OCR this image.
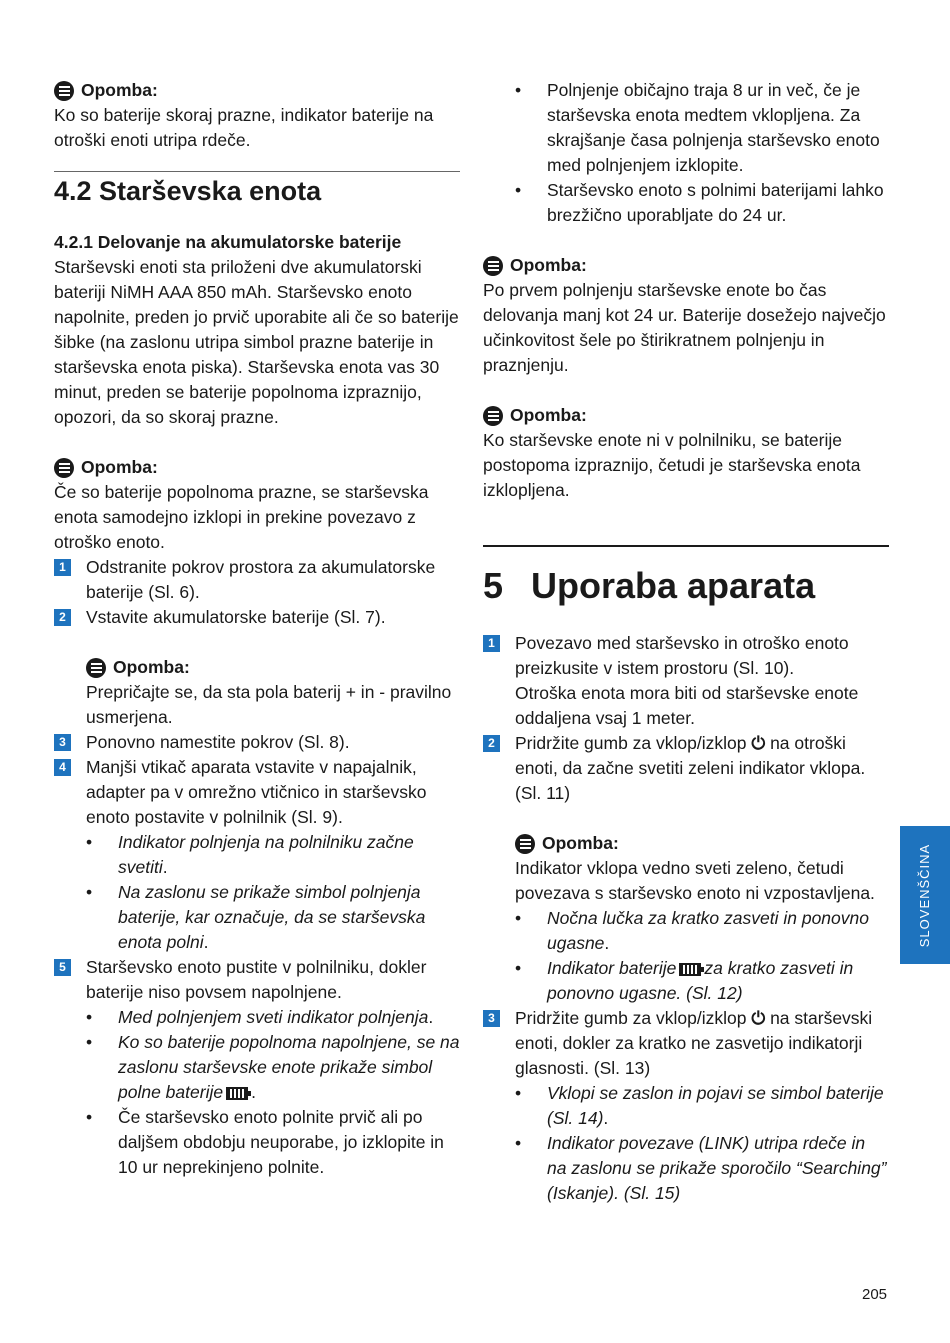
Opomba:

Ko so baterije skoraj prazne, indikator baterije na otroški enoti utripa rdeče.

4.2 Starševska enota
4.2.1 Delovanje na akumulatorske baterije

Starševski enoti sta priloženi dve akumulatorski bateriji NiMH AAA 850 mAh. Starševsko enoto napolnite, preden jo prvič uporabite ali če so baterije šibke (na zaslonu utripa simbol prazne baterije in starševska enota piska). Starševska enota vas 30 minut, preden se baterije popolnoma izpraznijo, opozori, da so skoraj prazne.

Opomba:

Če so baterije popolnoma prazne, se starševska enota samodejno izklopi in prekine povezavo z otroško enoto.

1 Odstranite pokrov prostora za akumulatorske baterije (Sl. 6).
2 Vstavite akumulatorske baterije (Sl. 7).
Opomba:

Prepričajte se, da sta pola baterij + in - pravilno usmerjena.

3 Ponovno namestite pokrov (Sl. 8).
4 Manjši vtikač aparata vstavite v napajalnik, adapter pa v omrežno vtičnico in starševsko enoto postavite v polnilnik (Sl. 9).
•	Indikator polnjenja na polnilniku začne svetiti.
•	Na zaslonu se prikaže simbol polnjenja baterije, kar označuje, da se starševska enota polni.
5 Starševsko enoto pustite v polnilniku, dokler baterije niso povsem napolnjene.
•	Med polnjenjem sveti indikator polnjenja.
•	Ko so baterije popolnoma napolnjene, se na zaslonu starševske enote prikaže simbol polne baterije .
•	Če starševsko enoto polnite prvič ali po daljšem obdobju neuporabe, jo izklopite in 10 ur neprekinjeno polnite.
•	Polnjenje običajno traja 8 ur in več, če je starševska enota medtem vklopljena. Za skrajšanje časa polnjenja starševsko enoto med polnjenjem izklopite.
•	Starševsko enoto s polnimi baterijami lahko brezžično uporabljate do 24 ur.
Opomba:

Po prvem polnjenju starševske enote bo čas delovanja manj kot 24 ur. Baterije dosežejo največjo učinkovitost šele po štirikratnem polnjenju in praznjenju.

Opomba:

Ko starševske enote ni v polnilniku, se baterije postopoma izpraznijo, četudi je starševska enota izklopljena.

5 Uporaba aparata
1 Povezavo med starševsko in otroško enoto preizkusite v istem prostoru (Sl. 10).
Otroška enota mora biti od starševske enote oddaljena vsaj 1 meter.
2 Pridržite gumb za vklop/izklop ⏻ na otroški enoti, da začne svetiti zeleni indikator vklopa. (Sl. 11)
Opomba:

Indikator vklopa vedno sveti zeleno, četudi povezava s starševsko enoto ni vzpostavljena.

•	Nočna lučka za kratko zasveti in ponovno ugasne.
•	Indikator baterije za kratko zasveti in ponovno ugasne. (Sl. 12)
3 Pridržite gumb za vklop/izklop ⏻ na starševski enoti, dokler za kratko ne zasvetijo indikatorji glasnosti. (Sl. 13)
•	Vklopi se zaslon in pojavi se simbol baterije (Sl. 14).
•	Indikator povezave (LINK) utripa rdeče in na zaslonu se prikaže sporočilo “Searching” (Iskanje). (Sl. 15)
SLOVENŠČINA
205
